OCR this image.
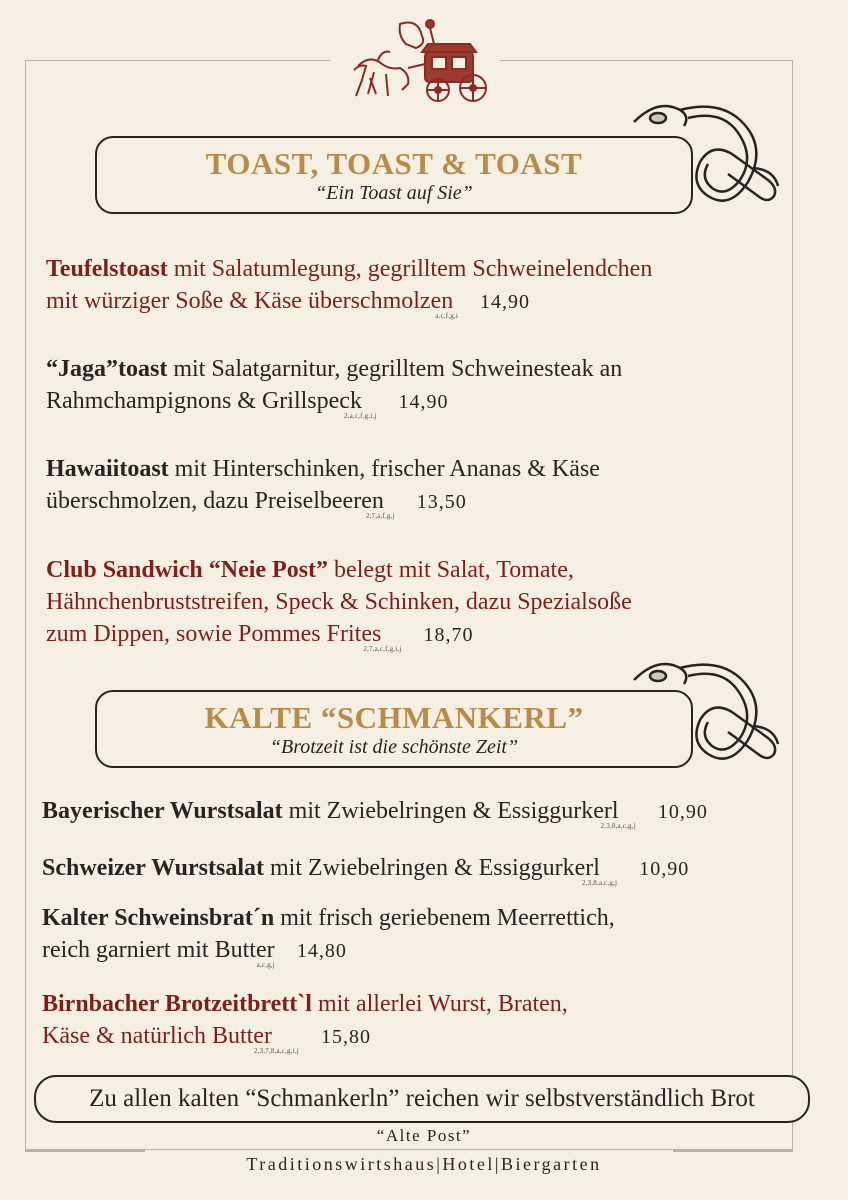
TOAST, TOAST & TOAST
“Ein Toast auf Sie”
Teufelstoast mit Salatumlegung, gegrilltem Schweinelendchen
mit würziger Soße & Käse überschmolzena,c,f,g,i14,90
“Jaga”toast mit Salatgarnitur, gegrilltem Schweinesteak an
Rahmchampignons & Grillspeck2,a,c,f,g,i,j14,90
Hawaiitoast mit Hinterschinken, frischer Ananas & Käse
überschmolzen, dazu Preiselbeeren2,7,a,f,g,j13,50
Club Sandwich “Neie Post” belegt mit Salat, Tomate,
Hähnchenbruststreifen, Speck & Schinken, dazu Spezialsoße
zum Dippen, sowie Pommes Frites2,7,a,c,f,g,i,j18,70
KALTE “SCHMANKERL”
“Brotzeit ist die schönste Zeit”
Bayerischer Wurstsalat mit Zwiebelringen & Essiggurkerl2,3,8,a,c,g,j10,90
Schweizer Wurstsalat mit Zwiebelringen & Essiggurkerl2,3,8,a,c,g,j10,90
Kalter Schweinsbrat´n mit frisch geriebenem Meerrettich,
reich garniert mit Buttera,c,g,j14,80
Birnbacher Brotzeitbrett`l mit allerlei Wurst, Braten,
Käse & natürlich Butter2,3,7,8,a,c,g,i,j15,80
Zu allen kalten “Schmankerln” reichen wir selbstverständlich Brot
“Alte Post”
Traditionswirtshaus|Hotel|Biergarten
